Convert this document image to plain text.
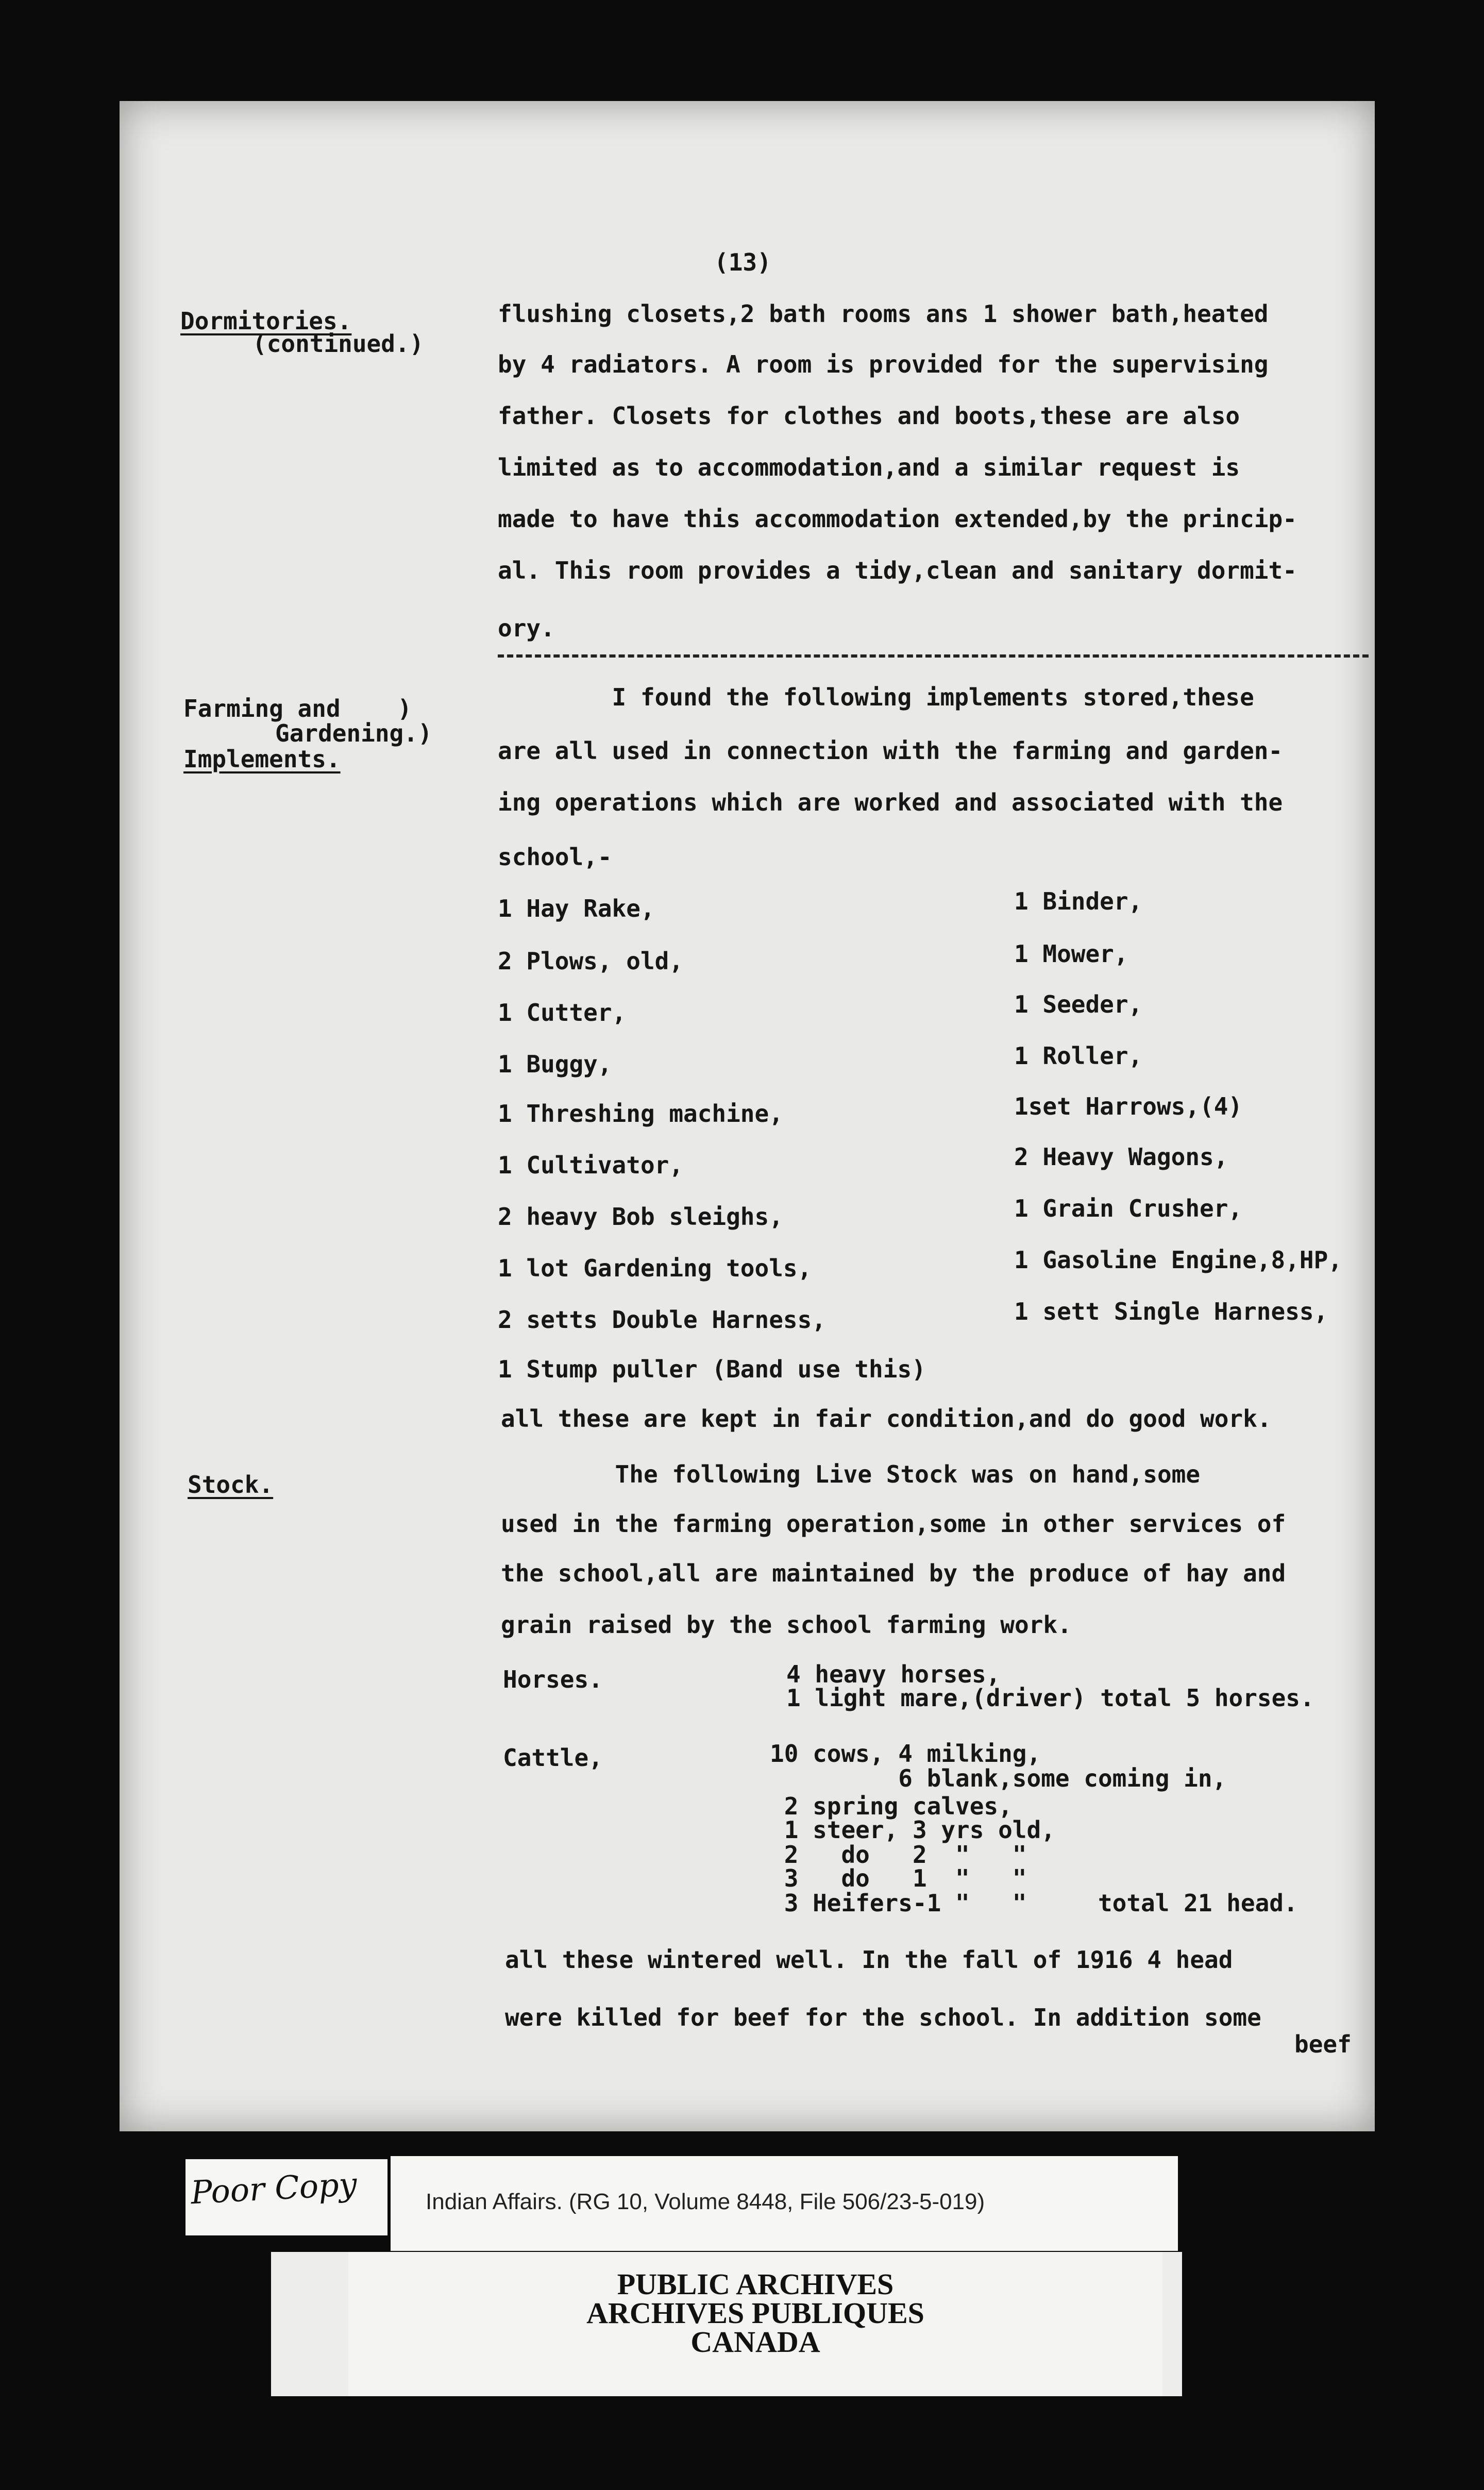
(13)
Dormitories.
(continued.)
Farming and    )
Gardening.)
Implements.
Stock.
flushing closets,2 bath rooms ans 1 shower bath,heated
by 4 radiators. A room is provided for the supervising
father. Closets for clothes and boots,these are also
limited as to accommodation,and a similar request is
made to have this accommodation extended,by the princip-
al. This room provides a tidy,clean and sanitary dormit-
ory.
I found the following implements stored,these
are all used in connection with the farming and garden-
ing operations which are worked and associated with the
school,-
1 Hay Rake,	1 Binder,
2 Plows, old,	1 Mower,
1 Cutter,	1 Seeder,
1 Buggy,	1 Roller,
1 Threshing machine,	1set Harrows,(4)
1 Cultivator,	2 Heavy Wagons,
2 heavy Bob sleighs,	1 Grain Crusher,
1 lot Gardening tools,	1 Gasoline Engine,8,HP,
2 setts Double Harness,	1 sett Single Harness,
1 Stump puller (Band use this)
all these are kept in fair condition,and do good work.
The following Live Stock was on hand,some
used in the farming operation,some in other services of
the school,all are maintained by the produce of hay and
grain raised by the school farming work.
Horses.	4 heavy horses,
1 light mare,(driver) total 5 horses.
Cattle,	10 cows, 4 milking,
6 blank,some coming in,
2 spring calves,
1 steer, 3 yrs old,
2   do   2  "   "
3   do   1  "   "
3 Heifers-1 "   "     total 21 head.
all these wintered well. In the fall of 1916 4 head
were killed for beef for the school. In addition some
beef
Poor Copy	Indian Affairs. (RG 10, Volume 8448, File 506/23-5-019)
PUBLIC ARCHIVES
ARCHIVES PUBLIQUES
CANADA
